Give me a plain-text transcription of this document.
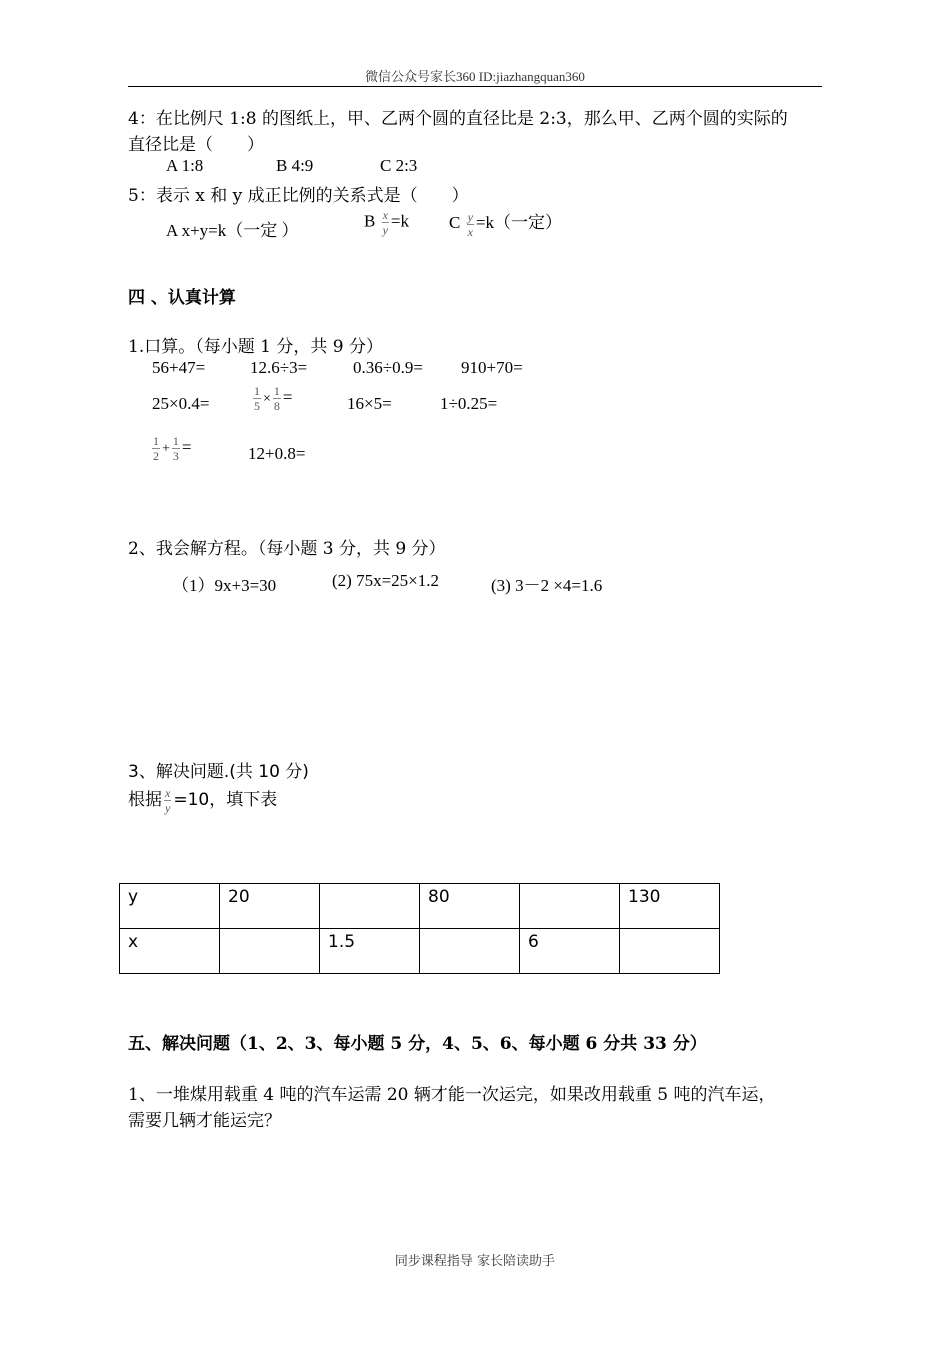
微信公众号家长360 ID:jiazhangquan360
4：在比例尺 1:8 的图纸上，甲、乙两个圆的直径比是 2:3，那么甲、乙两个圆的实际的
直径比是（　　）
A 1:8	B 4:9	C 2:3
5：表示 x 和 y 成正比例的关系式是（　　）
A x+y=k（一定 ）
B $\frac{x}{y} =k$ C $\frac{y}{x} =k$（一定）
四 、认真计算
1.口算。（每小题 1 分，共 9 分）
56+47=	12.6÷3=	0.36÷0.9= 910+70=
25×0.4=	$\frac{1}{5} \times \frac{1}{8}$ =	16×5=	1÷0.25=
$\frac{1}{2} + \frac{1}{3}$ =	12+0.8=
2、我会解方程。（每小题 3 分，共 9 分）
（1）9x+3=30	(2) 75x=25×1.2	(3) 3－2 ×4=1.6
3、解决问题.(共 10 分)
根据 $\frac{x}{y} =10$，填下表
y	20		80		130
x		1.5		6	
五、解决问题（1、2、3、每小题 5 分，4、5、6、每小题 6 分共 33 分）
1、一堆煤用载重 4 吨的汽车运需 20 辆才能一次运完，如果改用载重 5 吨的汽车运，
需要几辆才能运完？
同步课程指导 家长陪读助手
